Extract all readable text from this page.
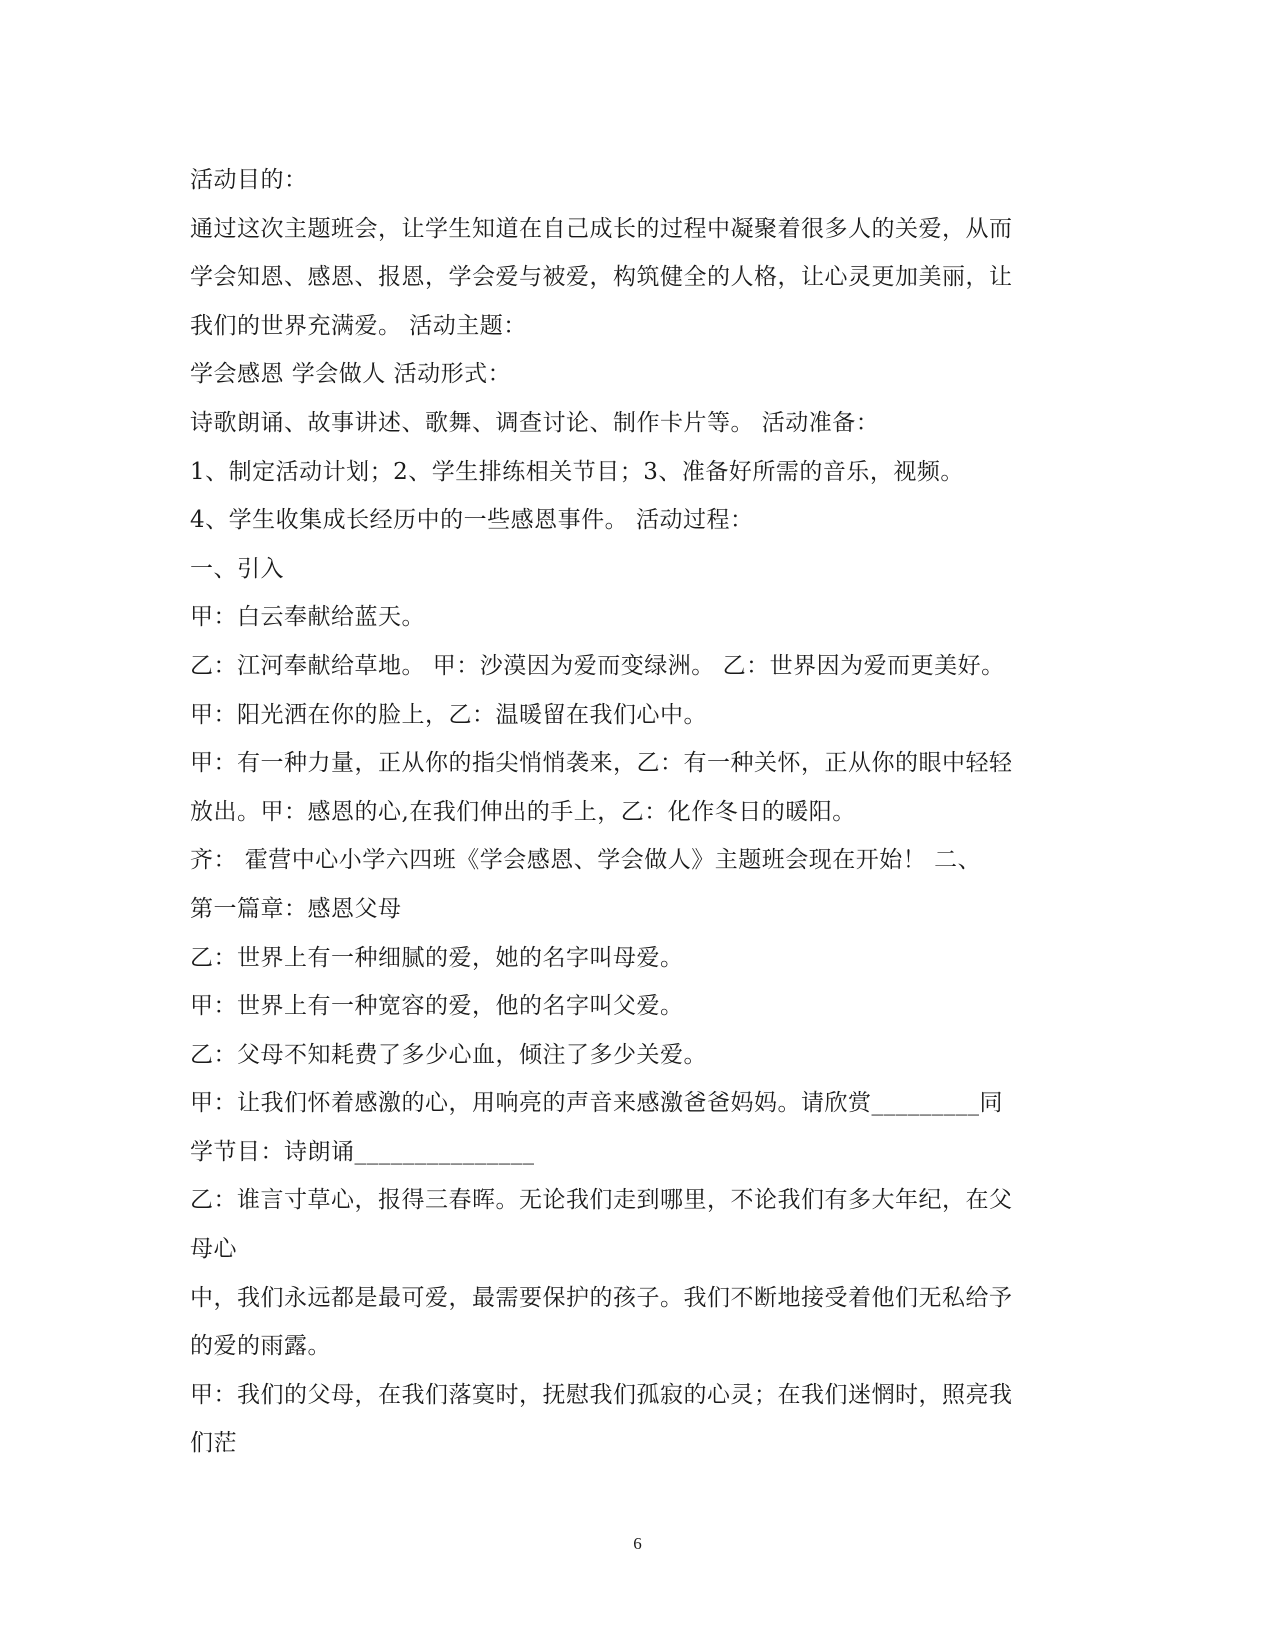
活动目的：
通过这次主题班会，让学生知道在自己成长的过程中凝聚着很多人的关爱，从而
学会知恩、感恩、报恩，学会爱与被爱，构筑健全的人格，让心灵更加美丽，让
我们的世界充满爱。 活动主题：
学会感恩 学会做人 活动形式：
诗歌朗诵、故事讲述、歌舞、调查讨论、制作卡片等。 活动准备：
1、制定活动计划；2、学生排练相关节目；3、准备好所需的音乐，视频。
4、学生收集成长经历中的一些感恩事件。 活动过程：
一、引入
甲：白云奉献给蓝天。
乙：江河奉献给草地。 甲：沙漠因为爱而变绿洲。 乙：世界因为爱而更美好。
甲：阳光洒在你的脸上，乙：温暖留在我们心中。
甲：有一种力量，正从你的指尖悄悄袭来，乙：有一种关怀，正从你的眼中轻轻
放出。甲：感恩的心,在我们伸出的手上，乙：化作冬日的暖阳。
齐： 霍营中心小学六四班《学会感恩、学会做人》主题班会现在开始！ 二、
第一篇章：感恩父母
乙：世界上有一种细腻的爱，她的名字叫母爱。
甲：世界上有一种宽容的爱，他的名字叫父爱。
乙：父母不知耗费了多少心血，倾注了多少关爱。
甲：让我们怀着感激的心，用响亮的声音来感激爸爸妈妈。请欣赏_________同
学节目：诗朗诵_______________
乙：谁言寸草心，报得三春晖。无论我们走到哪里，不论我们有多大年纪，在父
母心
中，我们永远都是最可爱，最需要保护的孩子。我们不断地接受着他们无私给予
的爱的雨露。
甲：我们的父母，在我们落寞时，抚慰我们孤寂的心灵；在我们迷惘时，照亮我
们茫
6
